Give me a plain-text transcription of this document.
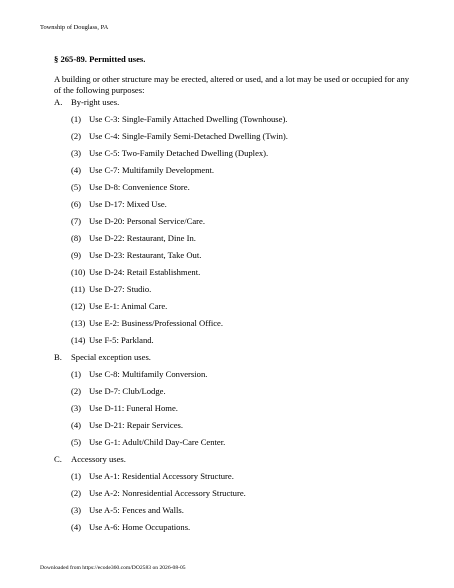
Township of Douglass, PA
§ 265-89. Permitted uses.
A building or other structure may be erected, altered or used, and a lot may be used or occupied for any of the following purposes:
A. By-right uses.
(1) Use C-3: Single-Family Attached Dwelling (Townhouse).
(2) Use C-4: Single-Family Semi-Detached Dwelling (Twin).
(3) Use C-5: Two-Family Detached Dwelling (Duplex).
(4) Use C-7: Multifamily Development.
(5) Use D-8: Convenience Store.
(6) Use D-17: Mixed Use.
(7) Use D-20: Personal Service/Care.
(8) Use D-22: Restaurant, Dine In.
(9) Use D-23: Restaurant, Take Out.
(10) Use D-24: Retail Establishment.
(11) Use D-27: Studio.
(12) Use E-1: Animal Care.
(13) Use E-2: Business/Professional Office.
(14) Use F-5: Parkland.
B. Special exception uses.
(1) Use C-8: Multifamily Conversion.
(2) Use D-7: Club/Lodge.
(3) Use D-11: Funeral Home.
(4) Use D-21: Repair Services.
(5) Use G-1: Adult/Child Day-Care Center.
C. Accessory uses.
(1) Use A-1: Residential Accessory Structure.
(2) Use A-2: Nonresidential Accessory Structure.
(3) Use A-5: Fences and Walls.
(4) Use A-6: Home Occupations.
Downloaded from https://ecode360.com/DO2583 on 2026-08-05
